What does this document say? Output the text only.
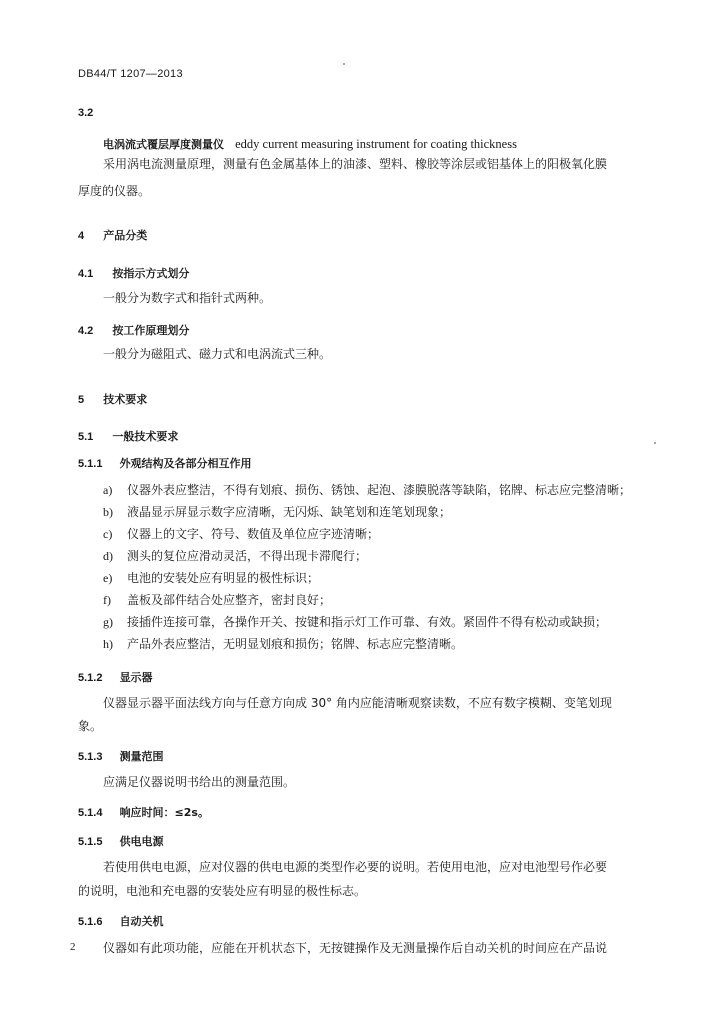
DB44/T 1207—2013
3.2
电涡流式覆层厚度测量仪 eddy current measuring instrument for coating thickness
采用涡电流测量原理，测量有色金属基体上的油漆、塑料、橡胶等涂层或铝基体上的阳极氧化膜
厚度的仪器。
4 产品分类
4.1 按指示方式划分
一般分为数字式和指针式两种。
4.2 按工作原理划分
一般分为磁阻式、磁力式和电涡流式三种。
5 技术要求
5.1 一般技术要求
5.1.1 外观结构及各部分相互作用
a) 仪器外表应整洁，不得有划痕、损伤、锈蚀、起泡、漆膜脱落等缺陷，铭牌、标志应完整清晰；
b) 液晶显示屏显示数字应清晰，无闪烁、缺笔划和连笔划现象；
c) 仪器上的文字、符号、数值及单位应字迹清晰；
d) 测头的复位应滑动灵活，不得出现卡滞爬行；
e) 电池的安装处应有明显的极性标识；
f) 盖板及部件结合处应整齐，密封良好；
g) 接插件连接可靠，各操作开关、按键和指示灯工作可靠、有效。紧固件不得有松动或缺损；
h) 产品外表应整洁，无明显划痕和损伤；铭牌、标志应完整清晰。
5.1.2 显示器
仪器显示器平面法线方向与任意方向成 30° 角内应能清晰观察读数，不应有数字模糊、变笔划现
象。
5.1.3 测量范围
应满足仪器说明书给出的测量范围。
5.1.4 响应时间：≤2s。
5.1.5 供电电源
若使用供电电源，应对仪器的供电电源的类型作必要的说明。若使用电池，应对电池型号作必要
的说明，电池和充电器的安装处应有明显的极性标志。
5.1.6 自动关机
仪器如有此项功能，应能在开机状态下，无按键操作及无测量操作后自动关机的时间应在产品说
2
